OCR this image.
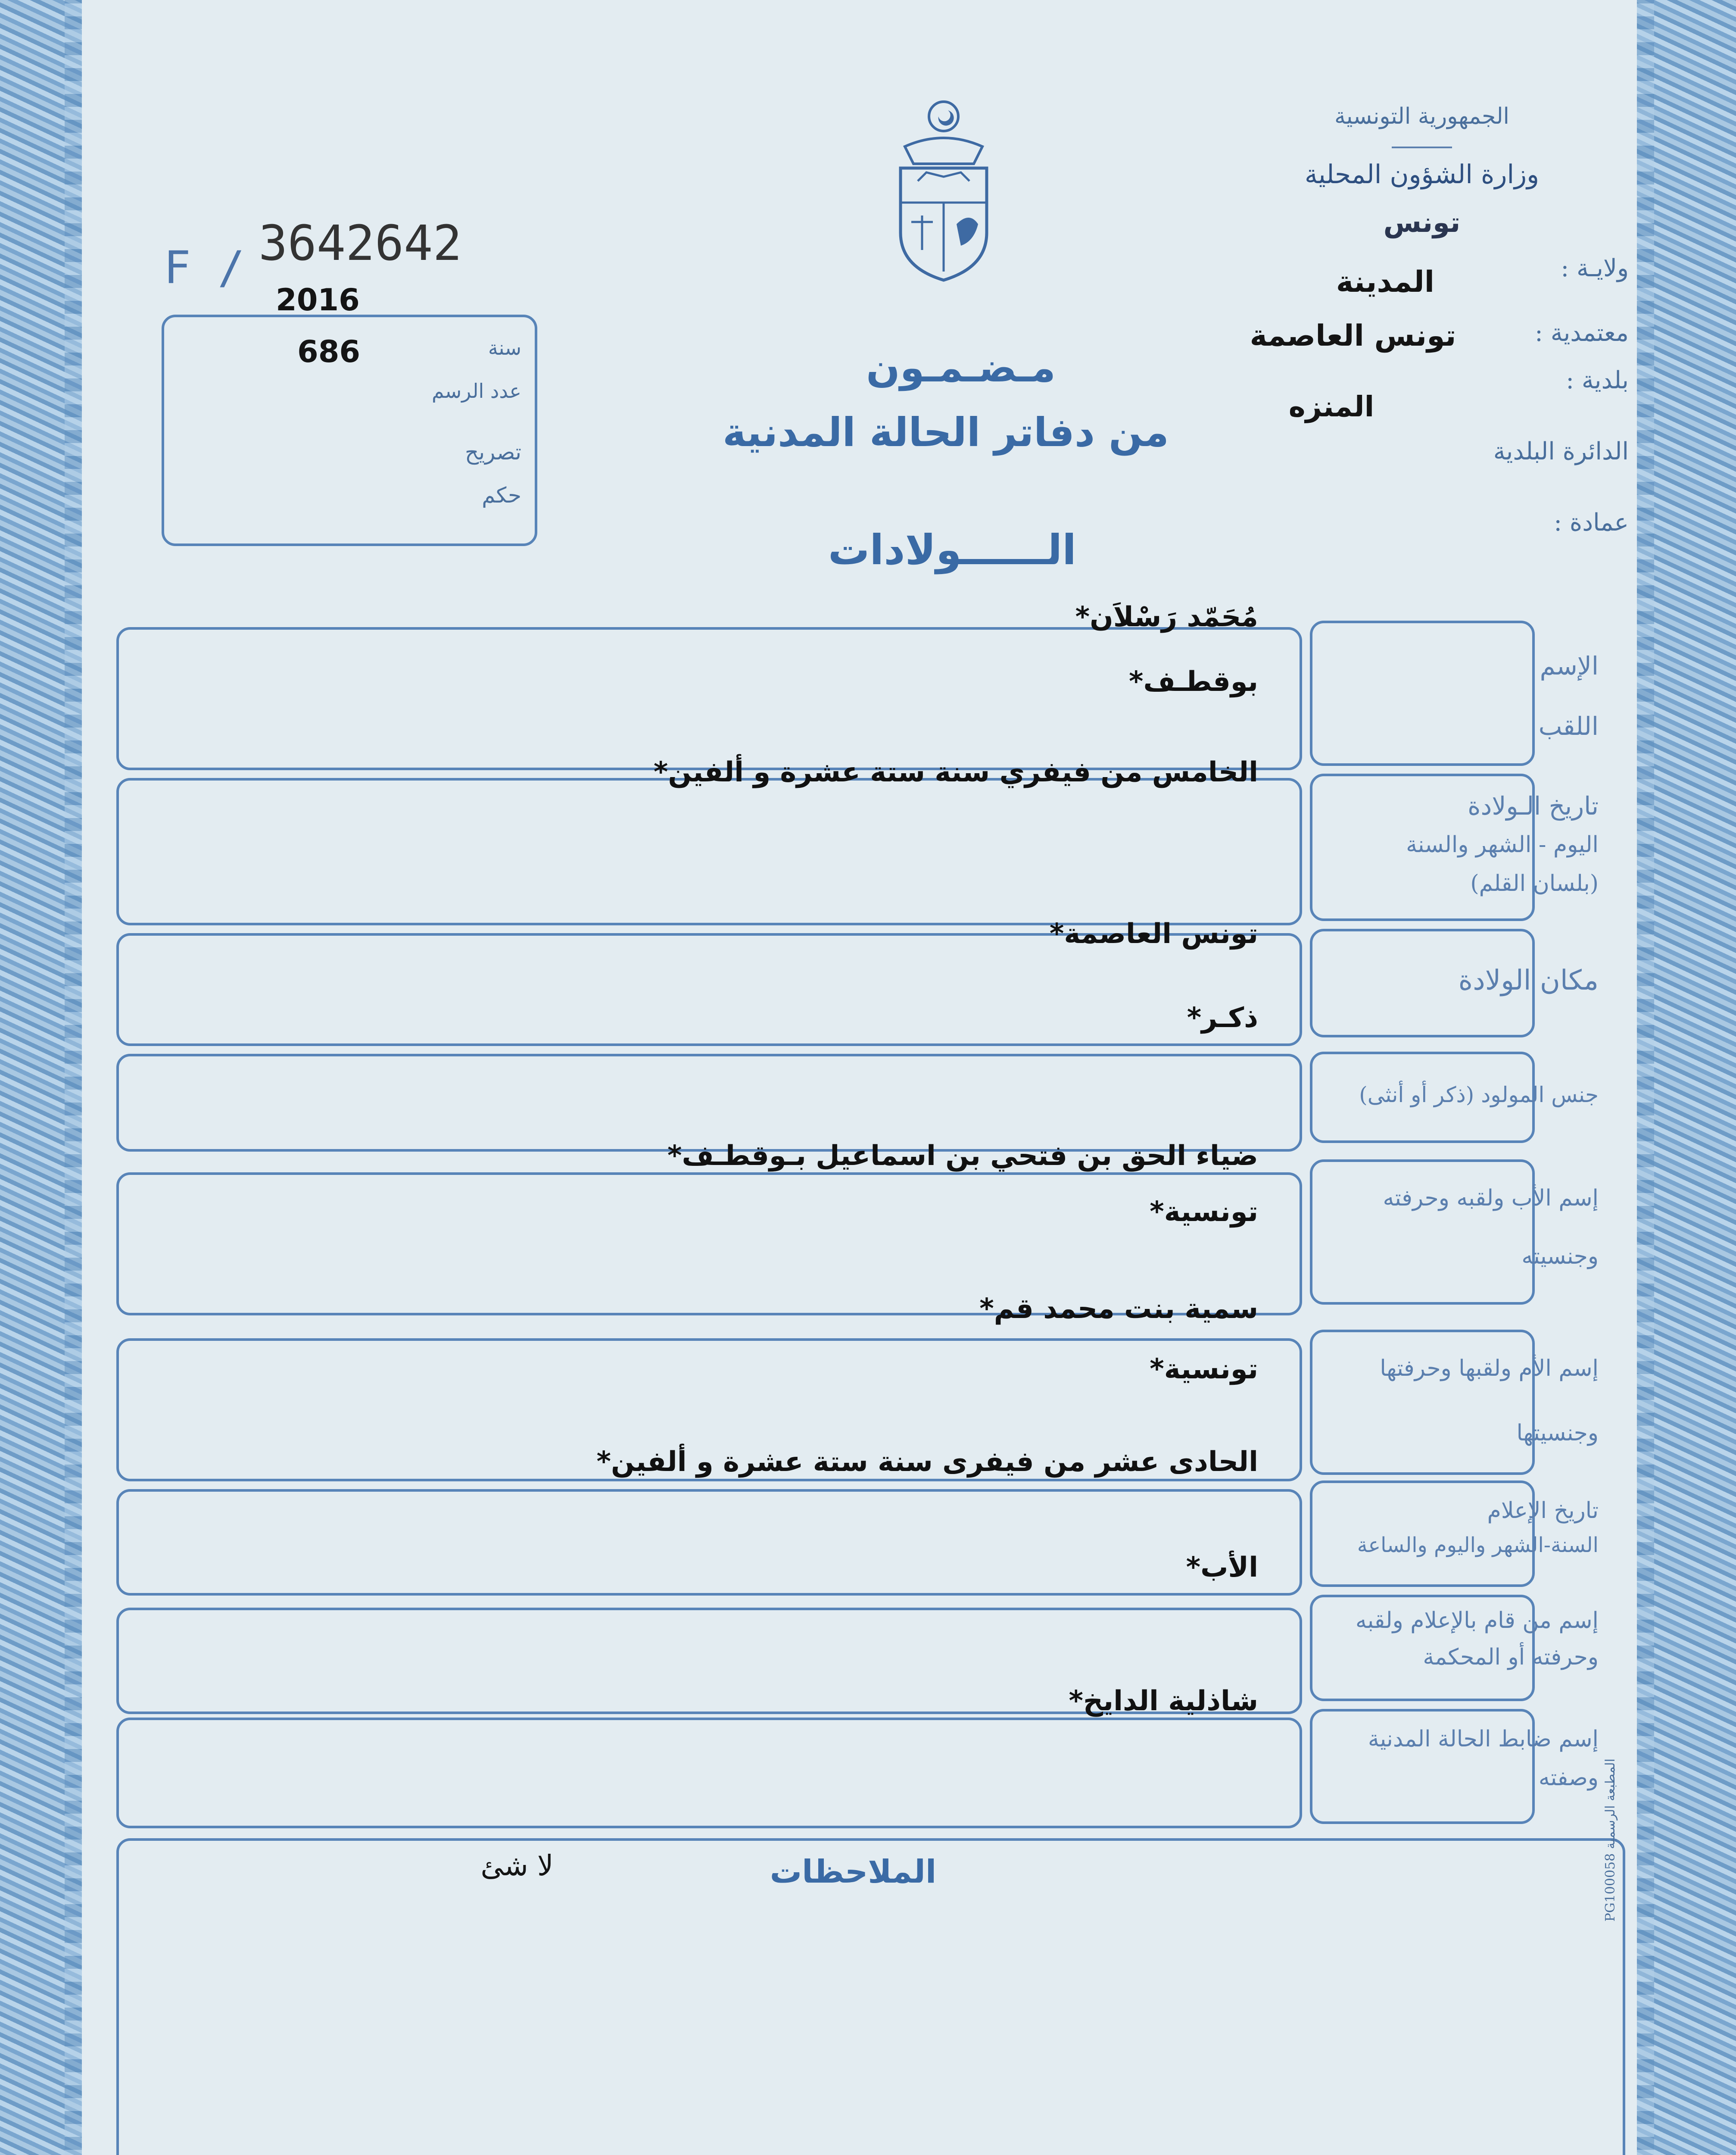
الجمهورية التونسية
وزارة الشؤون المحلية
تونس
ولايـة :
المدينة
معتمدية :
تونس العاصمة
بلدية :
المنزه
الدائرة البلدية
عمادة :
F / 3642642
2016
686	سنة
عدد الرسم
تصريح
حكم
مـضـمـون
من دفاتر الحالة المدنية
الــــــولادات
الإسم
اللقب
مُحَمّد رَسْلاَن*
بوقطـف*
تاريخ الـولادة
اليوم - الشهر والسنة
(بلسان القلم)
الخامس من فيفري سنة ستة عشرة و ألفين*
مكان الولادة
تونس العاصمة*
جنس المولود (ذكر أو أنثى)
ذكـر*
إسم الأب ولقبه وحرفته
وجنسيته
ضياء الحق بن فتحي بن اسماعيل بـوقطـف*
تونسية*
إسم الأم ولقبها وحرفتها
وجنسيتها
سمية بنت محمد قم*
تونسية*
تاريخ الإعلام
السنة-الشهر واليوم والساعة
الحادى عشر من فيفرى سنة ستة عشرة و ألفين*
إسم من قام بالإعلام ولقبه
وحرفته أو المحكمة
الأب*
إسم ضابط الحالة المدنية
وصفته
شاذلية الدايخ*
الملاحظات
لا شئ	المطبعة الرسمية PG100058
